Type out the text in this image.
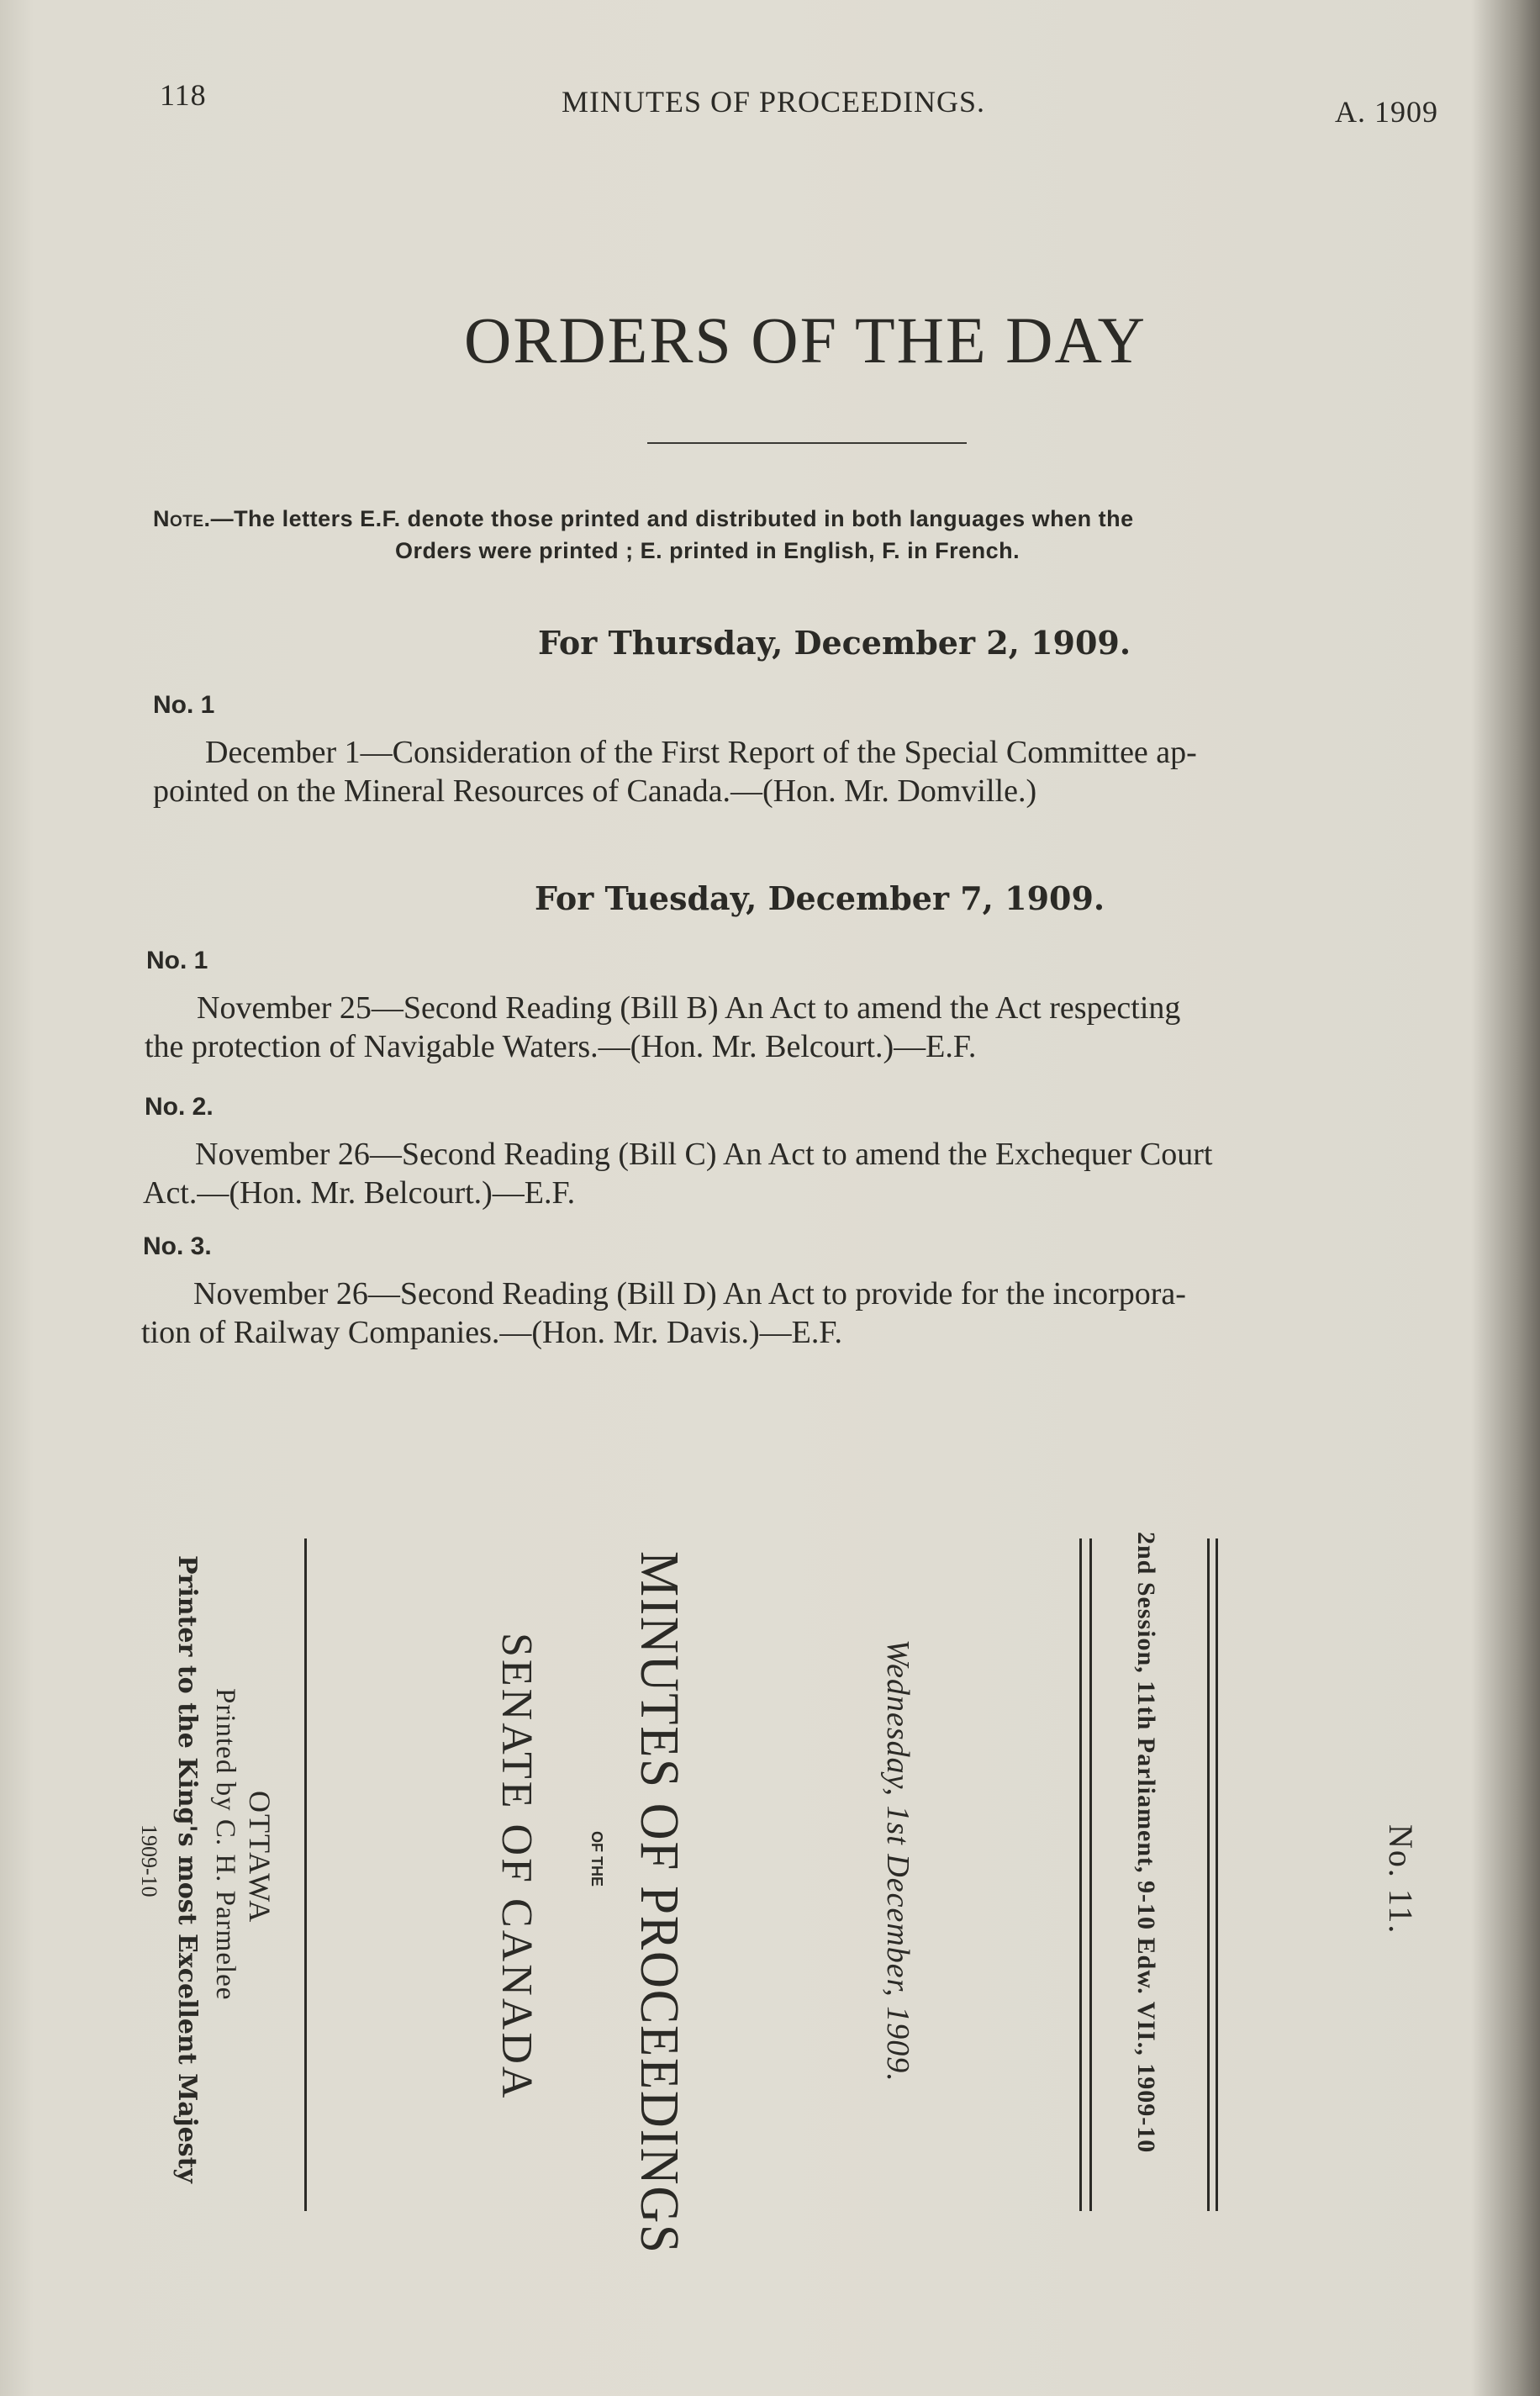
118	MINUTES OF PROCEEDINGS.	A. 1909
ORDERS OF THE DAY
Note.—The letters E.F. denote those printed and distributed in both languages when the
Orders were printed ; E. printed in English, F. in French.
For Thursday, December 2, 1909.
No. 1
December 1—Consideration of the First Report of the Special Committee ap-
pointed on the Mineral Resources of Canada.—(Hon. Mr. Domville.)
For Tuesday, December 7, 1909.
No. 1
November 25—Second Reading (Bill B) An Act to amend the Act respecting
the protection of Navigable Waters.—(Hon. Mr. Belcourt.)—E.F.
No. 2.
November 26—Second Reading (Bill C) An Act to amend the Exchequer Court
Act.—(Hon. Mr. Belcourt.)—E.F.
No. 3.
November 26—Second Reading (Bill D) An Act to provide for the incorpora-
tion of Railway Companies.—(Hon. Mr. Davis.)—E.F.
No. 11.
2nd Session, 11th Parliament, 9-10 Edw. VII., 1909-10
Wednesday, 1st December, 1909.
MINUTES OF PROCEEDINGS
OF THE
SENATE OF CANADA
OTTAWA
Printed by C. H. Parmelee
Printer to the King's most Excellent Majesty
1909-10
